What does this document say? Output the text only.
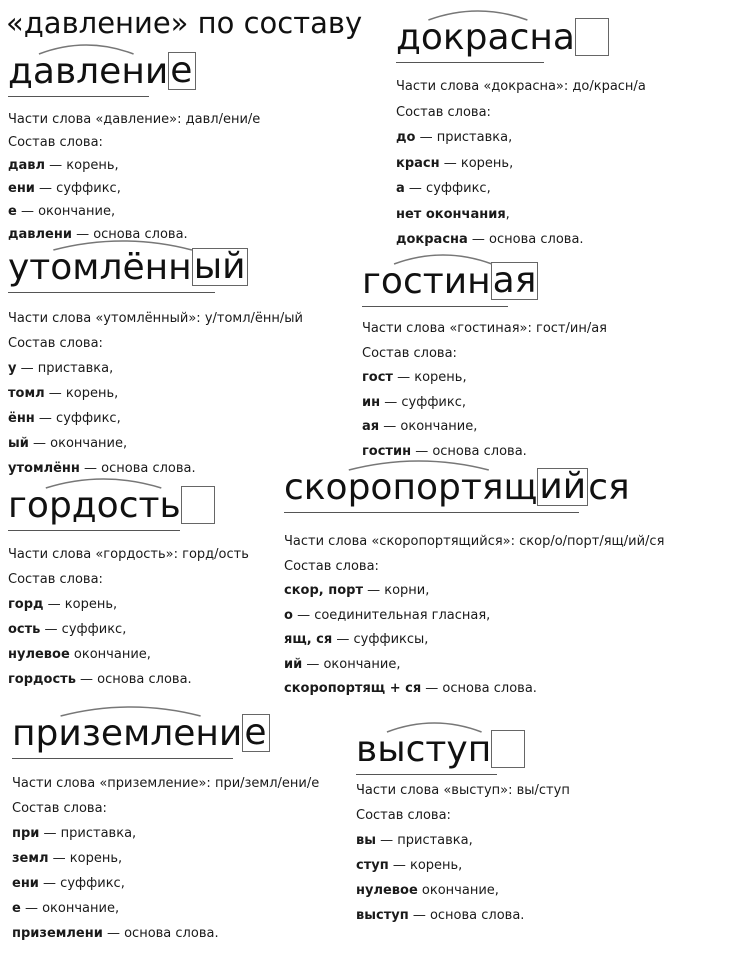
«давление» по составу
давлени е
Части слова «давление»: давл/ени/е
Состав слова:
давл — корень,
ени — суффикс,
е — окончание,
давлени — основа слова.
докрасна
Части слова «докрасна»: до/красн/а
Состав слова:
до — приставка,
красн — корень,
а — суффикс,
нет окончания,
докрасна — основа слова.
утомлённ ый
Части слова «утомлённый»: у/томл/ённ/ый
Состав слова:
у — приставка,
томл — корень,
ённ — суффикс,
ый — окончание,
утомлённ — основа слова.
гостин ая
Части слова «гостиная»: гост/ин/ая
Состав слова:
гост — корень,
ин — суффикс,
ая — окончание,
гостин — основа слова.
гордость
Части слова «гордость»: горд/ость
Состав слова:
горд — корень,
ость — суффикс,
нулевое окончание,
гордость — основа слова.
скоропортящ ий ся
Части слова «скоропортящийся»: скор/о/порт/ящ/ий/ся
Состав слова:
скор, порт — корни,
о — соединительная гласная,
ящ, ся — суффиксы,
ий — окончание,
скоропортящ + ся — основа слова.
приземлени е
Части слова «приземление»: при/земл/ени/е
Состав слова:
при — приставка,
земл — корень,
ени — суффикс,
е — окончание,
приземлени — основа слова.
выступ
Части слова «выступ»: вы/ступ
Состав слова:
вы — приставка,
ступ — корень,
нулевое окончание,
выступ — основа слова.
